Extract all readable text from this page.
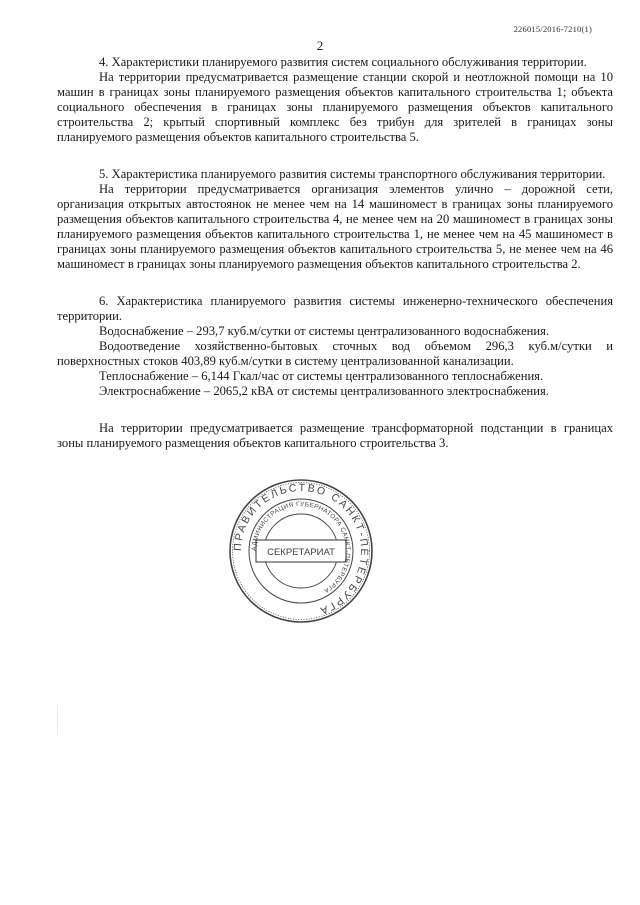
226015/2016-7210(1)
2

4. Характеристики планируемого развития систем социального обслуживания территории.

На территории предусматривается размещение станции скорой и неотложной помощи на 10 машин в границах зоны планируемого размещения объектов капитального строительства 1; объекта социального обеспечения в границах зоны планируемого размещения объектов капитального строительства 2; крытый спортивный комплекс без трибун для зрителей в границах зоны планируемого размещения объектов капитального строительства 5.

5. Характеристика планируемого развития системы транспортного обслуживания территории.

На территории предусматривается организация элементов улично – дорожной сети, организация открытых автостоянок не менее чем на 14 машиномест в границах зоны планируемого размещения объектов капитального строительства 4, не менее чем на 20 машиномест в границах зоны планируемого размещения объектов капитального строительства 1, не менее чем на 45 машиномест в границах зоны планируемого размещения объектов капитального строительства 5, не менее чем на 46 машиномест в границах зоны планируемого размещения объектов капитального строительства 2.

6. Характеристика планируемого развития системы инженерно-технического обеспечения территории.

Водоснабжение – 293,7 куб.м/сутки от системы централизованного водоснабжения.

Водоотведение хозяйственно-бытовых сточных вод объемом 296,3 куб.м/сутки и поверхностных стоков 403,89 куб.м/сутки в систему централизованной канализации.

Теплоснабжение – 6,144 Гкал/час от системы централизованного теплоснабжения.

Электроснабжение – 2065,2 кВА от системы централизованного электроснабжения.

На территории предусматривается размещение трансформаторной подстанции в границах зоны планируемого размещения объектов капитального строительства 3.

ПРАВИТЕЛЬСТВО САНКТ-ПЕТЕРБУРГА
АДМИНИСТРАЦИЯ ГУБЕРНАТОРА САНКТ-ПЕТЕРБУРГА
СЕКРЕТАРИАТ
